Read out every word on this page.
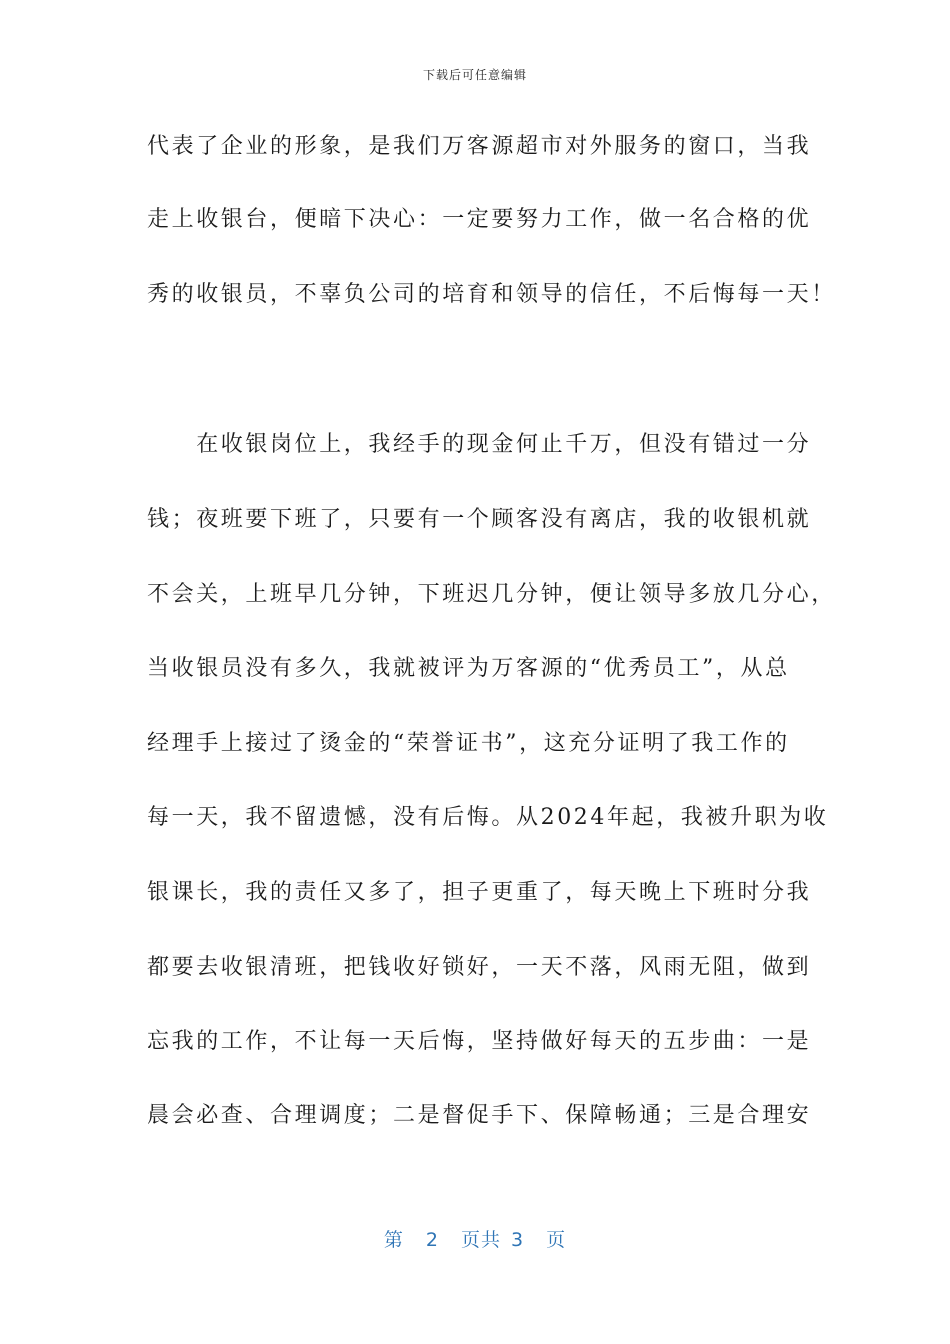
下载后可任意编辑
代表了企业的形象，是我们万客源超市对外服务的窗口，当我
走上收银台，便暗下决心：一定要努力工作，做一名合格的优
秀的收银员，不辜负公司的培育和领导的信任，不后悔每一天！
　　在收银岗位上，我经手的现金何止千万，但没有错过一分
钱；夜班要下班了，只要有一个顾客没有离店，我的收银机就
不会关，上班早几分钟，下班迟几分钟，便让领导多放几分心，
当收银员没有多久，我就被评为万客源的“优秀员工”，从总
经理手上接过了烫金的“荣誉证书”，这充分证明了我工作的
每一天，我不留遗憾，没有后悔。从2024年起，我被升职为收
银课长，我的责任又多了，担子更重了，每天晚上下班时分我
都要去收银清班，把钱收好锁好，一天不落，风雨无阻，做到
忘我的工作，不让每一天后悔，坚持做好每天的五步曲：一是
晨会必查、合理调度；二是督促手下、保障畅通；三是合理安
第 2 页共 3 页
